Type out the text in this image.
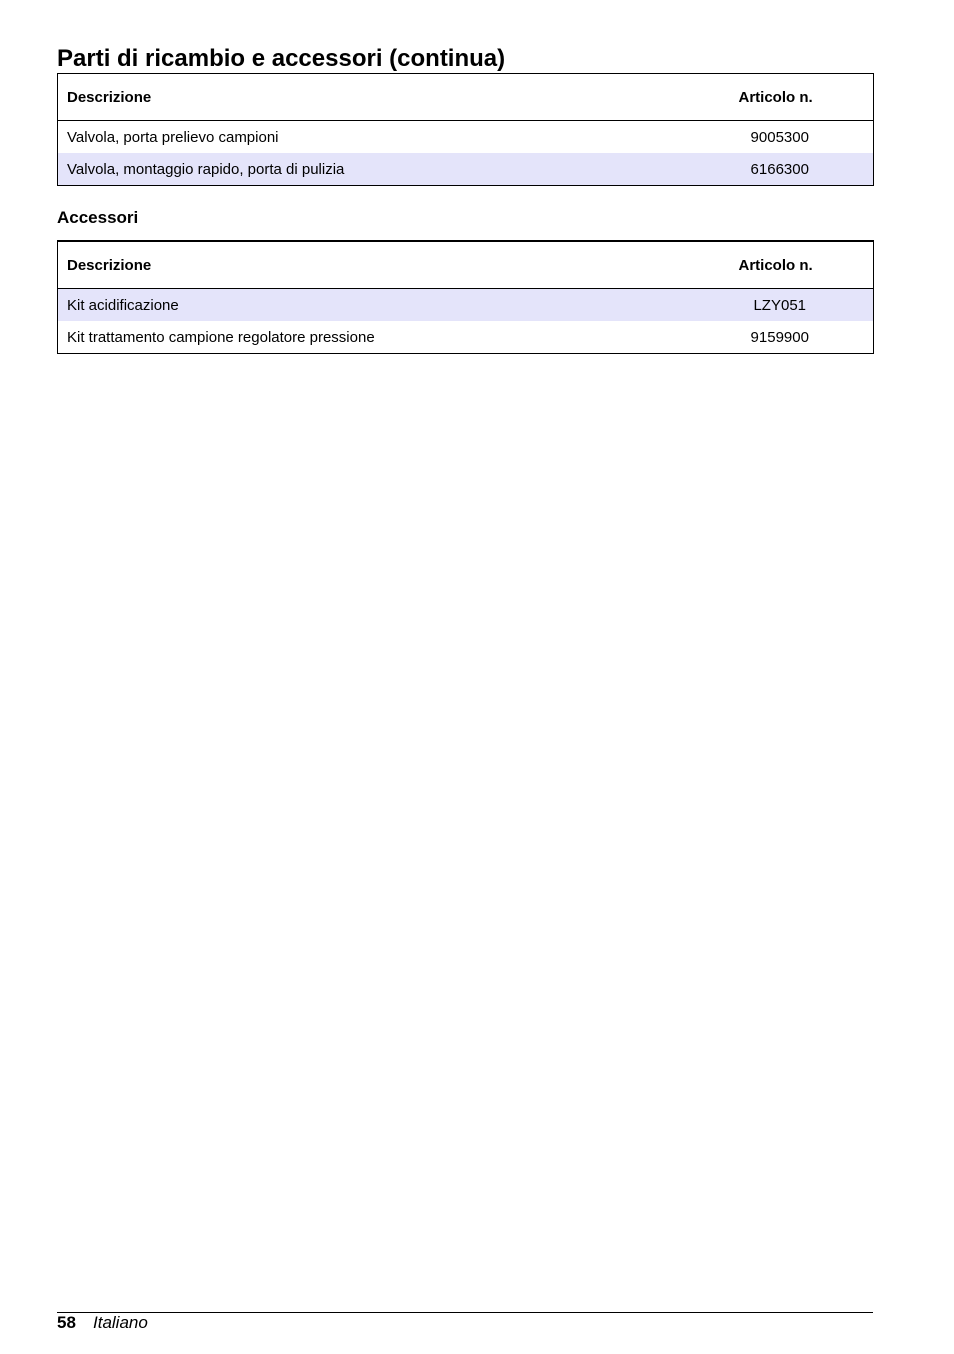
Parti di ricambio e accessori (continua)
Descrizione	Articolo n.
Valvola, porta prelievo campioni	9005300
Valvola, montaggio rapido, porta di pulizia	6166300
Accessori
Descrizione	Articolo n.
Kit acidificazione	LZY051
Kit trattamento campione regolatore pressione	9159900
58 Italiano
